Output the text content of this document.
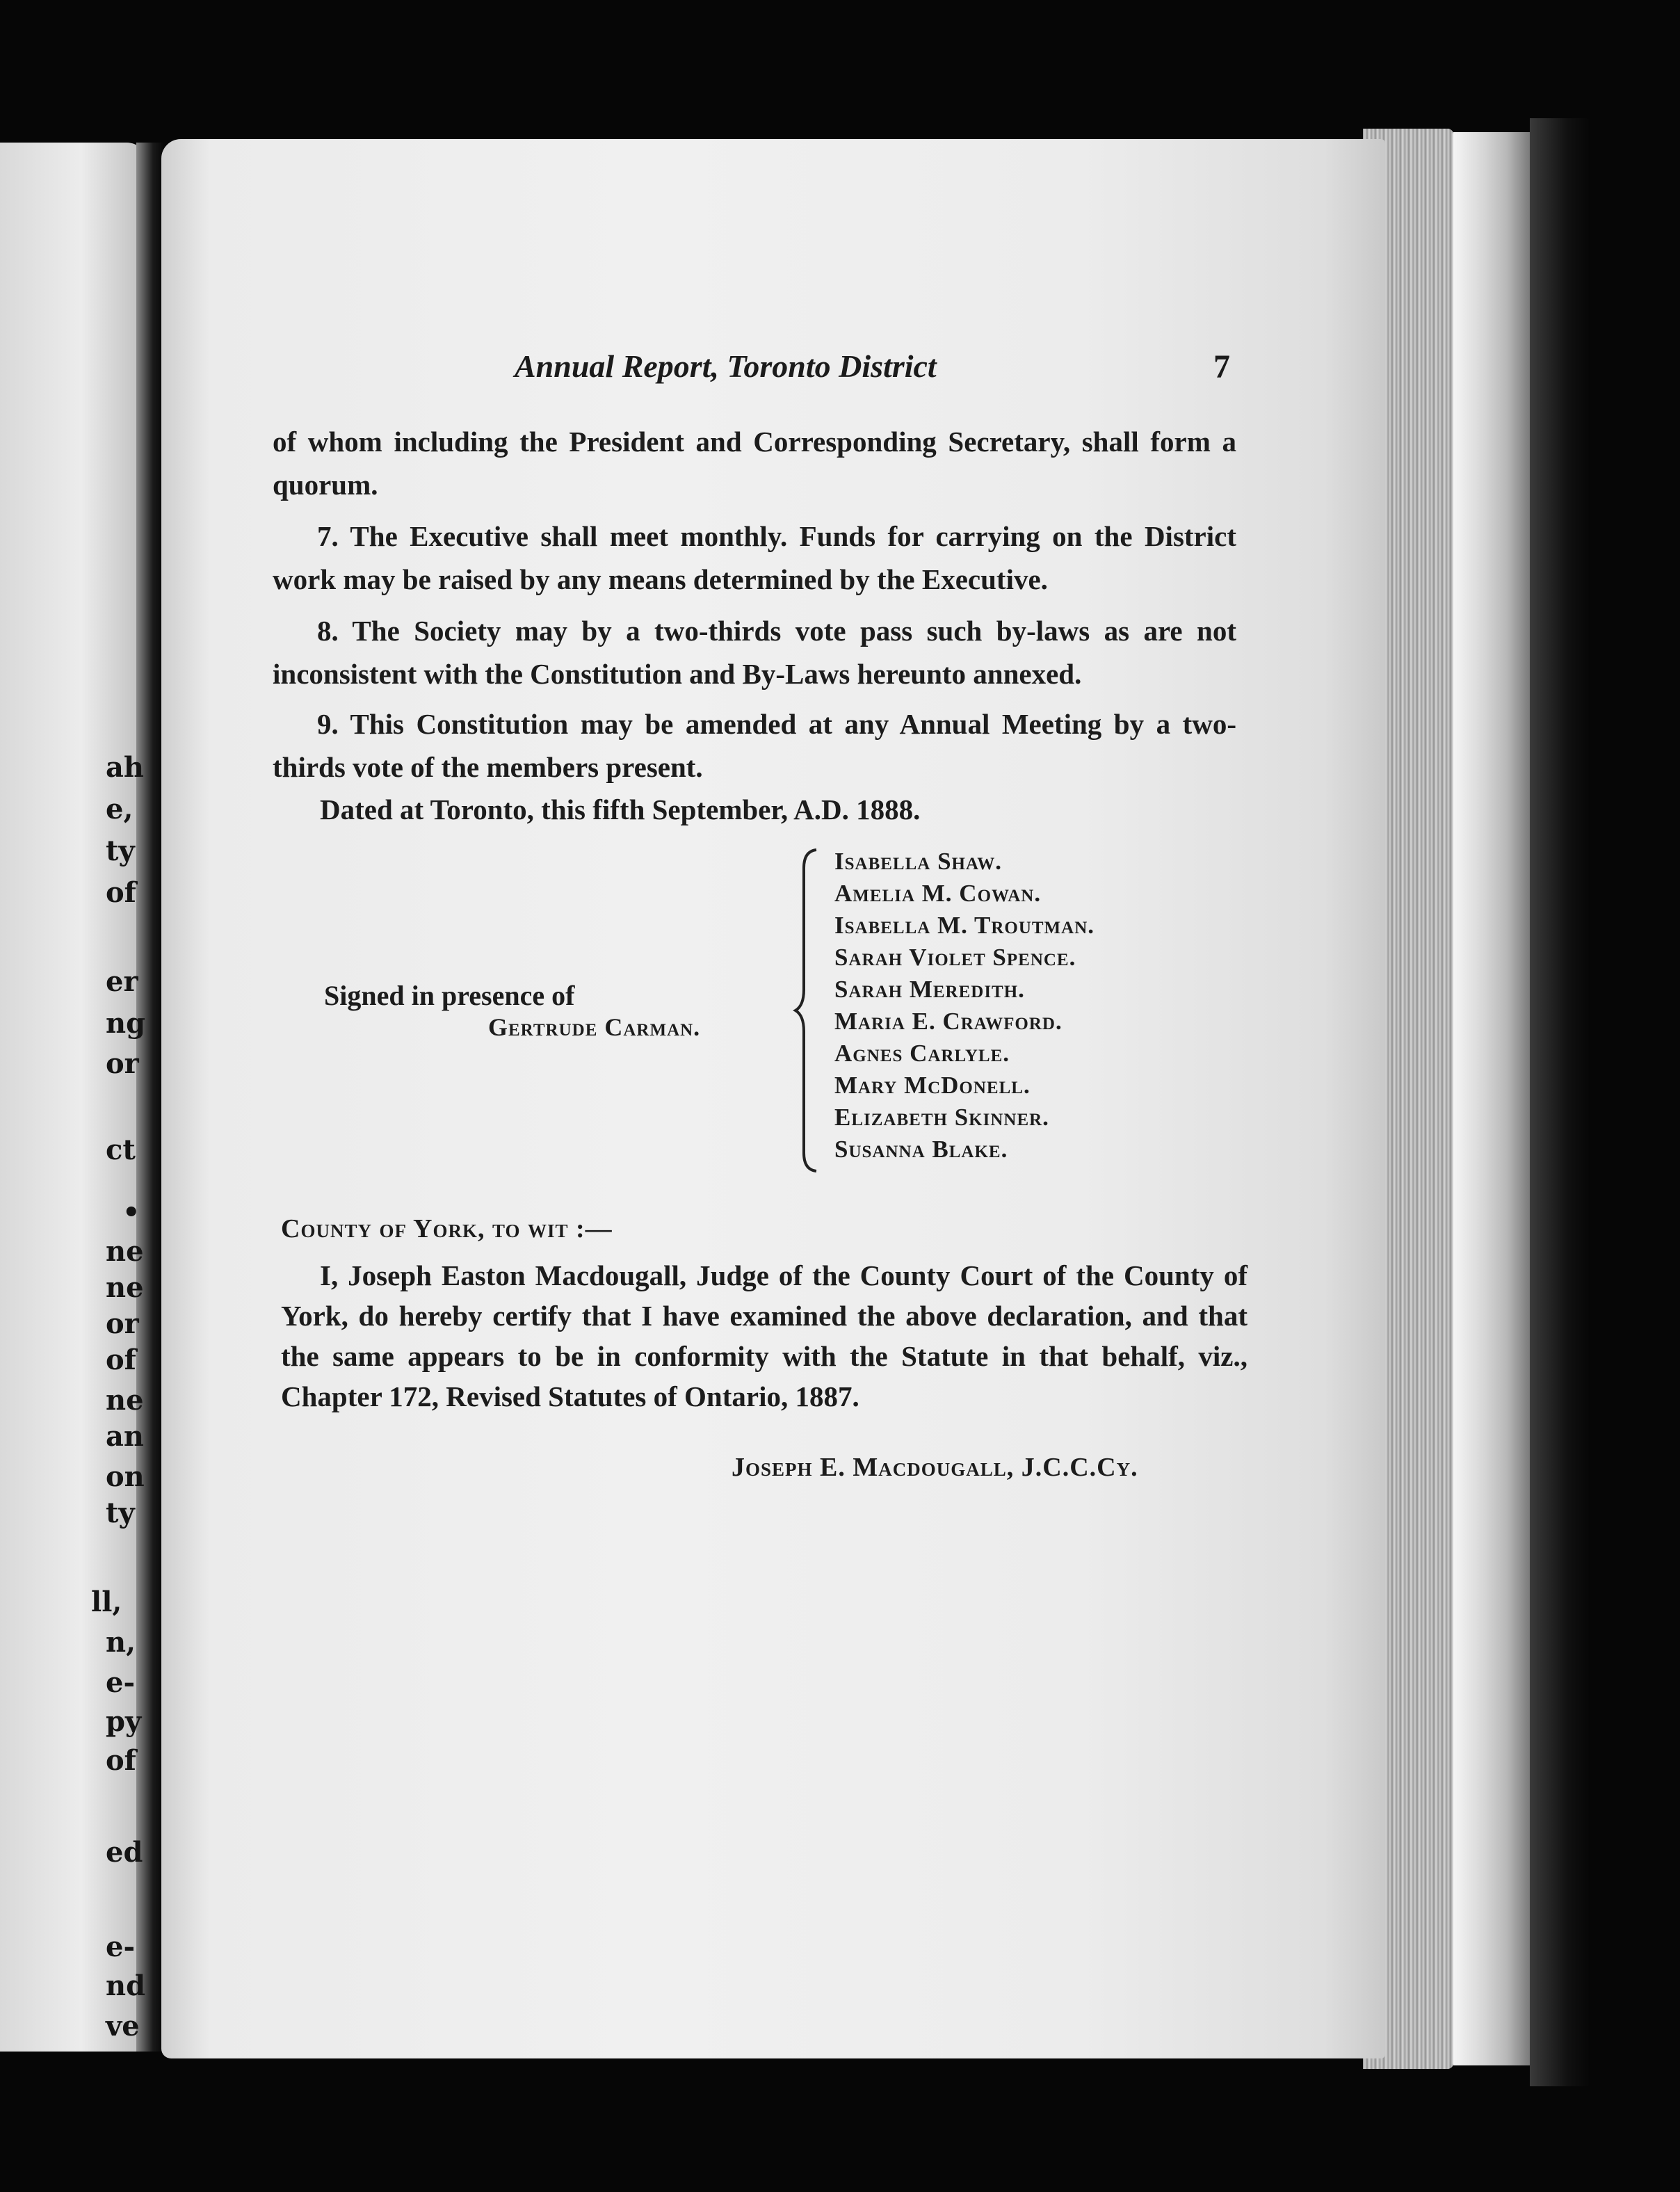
Annual Report, Toronto District	7
of whom including the President and Corresponding Secretary, shall form a quorum.
7. The Executive shall meet monthly. Funds for carrying on the District work may be raised by any means determined by the Executive.
8. The Society may by a two-thirds vote pass such by-laws as are not inconsistent with the Constitution and By-Laws hereunto annexed.
9. This Constitution may be amended at any Annual Meeting by a two-thirds vote of the members present.
Dated at Toronto, this fifth September, A.D. 1888.
Signed in presence of
Gertrude Carman.
Isabella Shaw.
Amelia M. Cowan.
Isabella M. Troutman.
Sarah Violet Spence.
Sarah Meredith.
Maria E. Crawford.
Agnes Carlyle.
Mary McDonell.
Elizabeth Skinner.
Susanna Blake.
County of York, to wit :—
I, Joseph Easton Macdougall, Judge of the County Court of the County of York, do hereby certify that I have examined the above declaration, and that the same appears to be in conformity with the Statute in that behalf, viz., Chapter 172, Revised Statutes of Ontario, 1887.
Joseph E. Macdougall, J.C.C.Cy.
ah
e,
ty
of
er
ng
or
ct
•
ne
ne
or
of
ne
an
on
ty
ll,
n,
e-
py
of
ed
e-
nd
ve
